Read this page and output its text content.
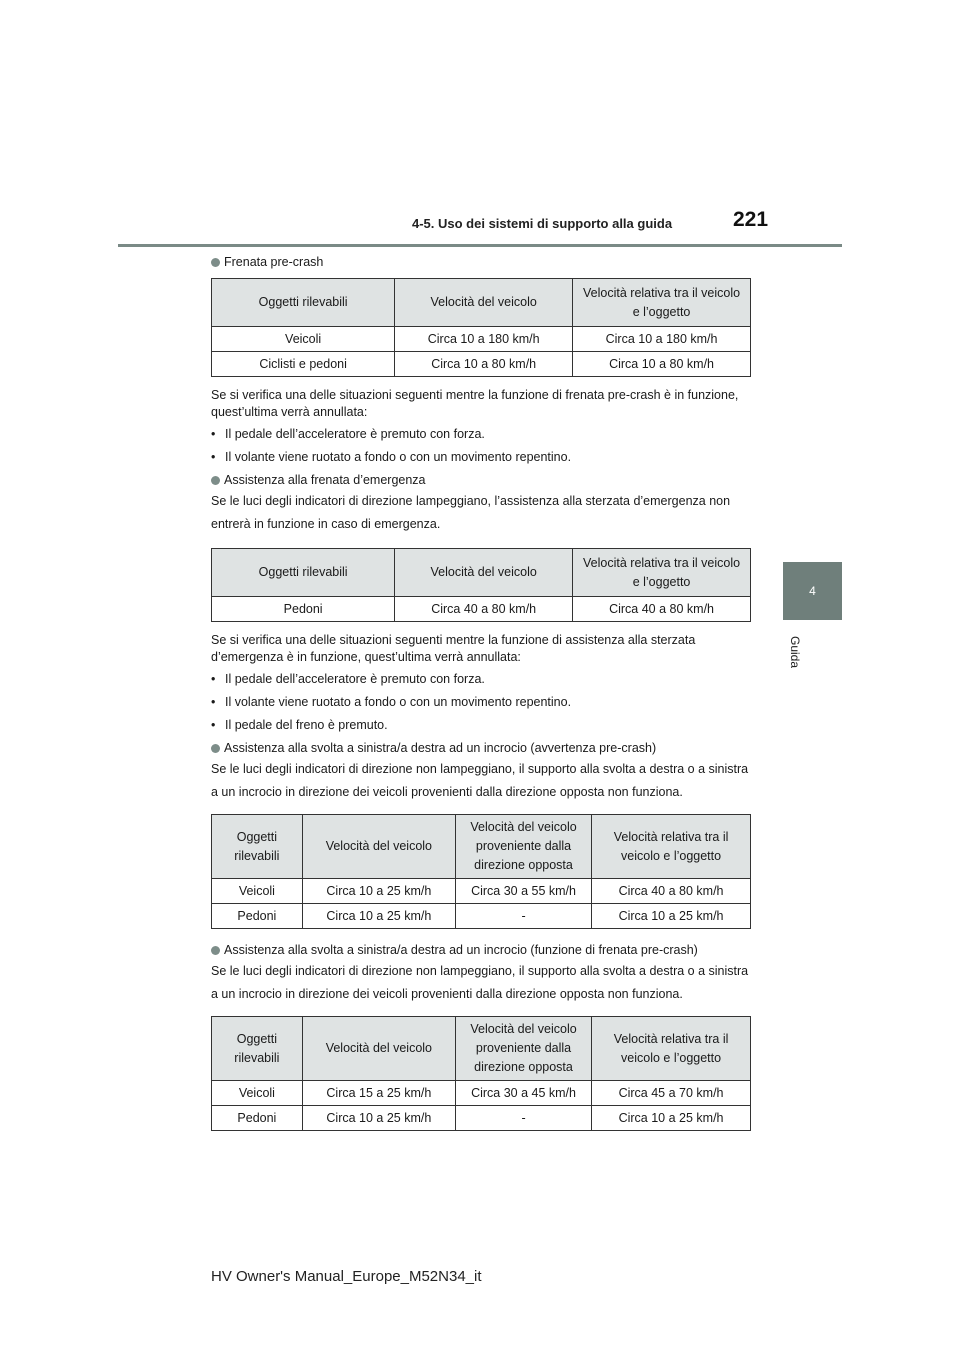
4-5. Uso dei sistemi di supporto alla guida	221
4
Guida
Frenata pre-crash
Oggetti rilevabili	Velocità del veicolo	Velocità relativa tra il veicolo e l’oggetto
Veicoli	Circa 10 a 180 km/h	Circa 10 a 180 km/h
Ciclisti e pedoni	Circa 10 a 80 km/h	Circa 10 a 80 km/h

Se si verifica una delle situazioni seguenti mentre la funzione di frenata pre-crash è in funzione, quest’ultima verrà annullata:

• Il pedale dell’acceleratore è premuto con forza.
• Il volante viene ruotato a fondo o con un movimento repentino.
Assistenza alla frenata d’emergenza

Se le luci degli indicatori di direzione lampeggiano, l’assistenza alla sterzata d’emergenza non entrerà in funzione in caso di emergenza.

Oggetti rilevabili	Velocità del veicolo	Velocità relativa tra il veicolo e l’oggetto
Pedoni	Circa 40 a 80 km/h	Circa 40 a 80 km/h

Se si verifica una delle situazioni seguenti mentre la funzione di assistenza alla sterzata d’emergenza è in funzione, quest’ultima verrà annullata:

• Il pedale dell’acceleratore è premuto con forza.
• Il volante viene ruotato a fondo o con un movimento repentino.
• Il pedale del freno è premuto.
Assistenza alla svolta a sinistra/a destra ad un incrocio (avvertenza pre-crash)

Se le luci degli indicatori di direzione non lampeggiano, il supporto alla svolta a destra o a sinistra a un incrocio in direzione dei veicoli provenienti dalla direzione opposta non funziona.

Oggetti rilevabili	Velocità del veicolo	Velocità del veicolo proveniente dalla direzione opposta	Velocità relativa tra il veicolo e l’oggetto
Veicoli	Circa 10 a 25 km/h	Circa 30 a 55 km/h	Circa 40 a 80 km/h
Pedoni	Circa 10 a 25 km/h	-	Circa 10 a 25 km/h
Assistenza alla svolta a sinistra/a destra ad un incrocio (funzione di frenata pre-crash)

Se le luci degli indicatori di direzione non lampeggiano, il supporto alla svolta a destra o a sinistra a un incrocio in direzione dei veicoli provenienti dalla direzione opposta non funziona.

Oggetti rilevabili	Velocità del veicolo	Velocità del veicolo proveniente dalla direzione opposta	Velocità relativa tra il veicolo e l’oggetto
Veicoli	Circa 15 a 25 km/h	Circa 30 a 45 km/h	Circa 45 a 70 km/h
Pedoni	Circa 10 a 25 km/h	-	Circa 10 a 25 km/h
HV Owner's Manual_Europe_M52N34_it
